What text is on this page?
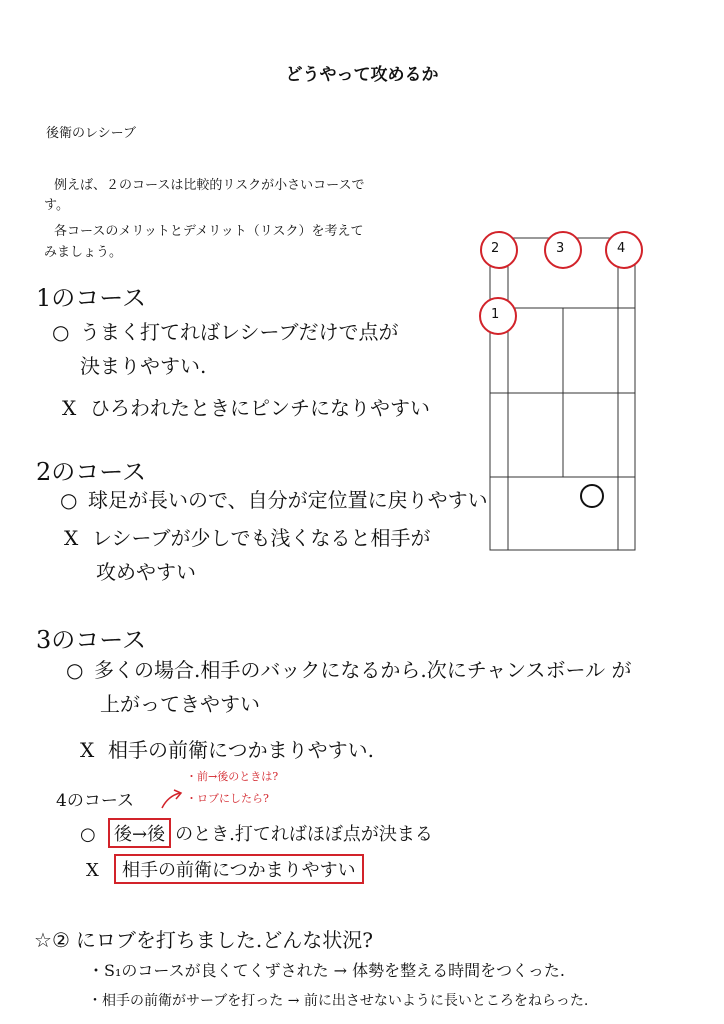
どうやって攻めるか
後衛のレシーブ
例えば、２のコースは比較的リスクが小さいコースで
す。
各コースのメリットとデメリット（リスク）を考えて
みましょう。	2	3	4
1
1のコース
○ うまく打てればレシーブだけで点が
決まりやすい.
X ひろわれたときにピンチになりやすい
2のコース
○ 球足が長いので、自分が定位置に戻りやすい
X レシーブが少しでも浅くなると相手が
攻めやすい
3のコース
○ 多くの場合.相手のバックになるから.次にチャンスボール が
上がってきやすい
X 相手の前衛につかまりやすい.
・前→後のときは?
・ロブにしたら?
4のコース
○ 後→後 のとき.打てればほぼ点が決まる
X 相手の前衛につかまりやすい
☆② にロブを打ちました.どんな状況?
・S₁のコースが良くてくずされた → 体勢を整える時間をつくった.
・相手の前衛がサーブを打った → 前に出させないように長いところをねらった.
